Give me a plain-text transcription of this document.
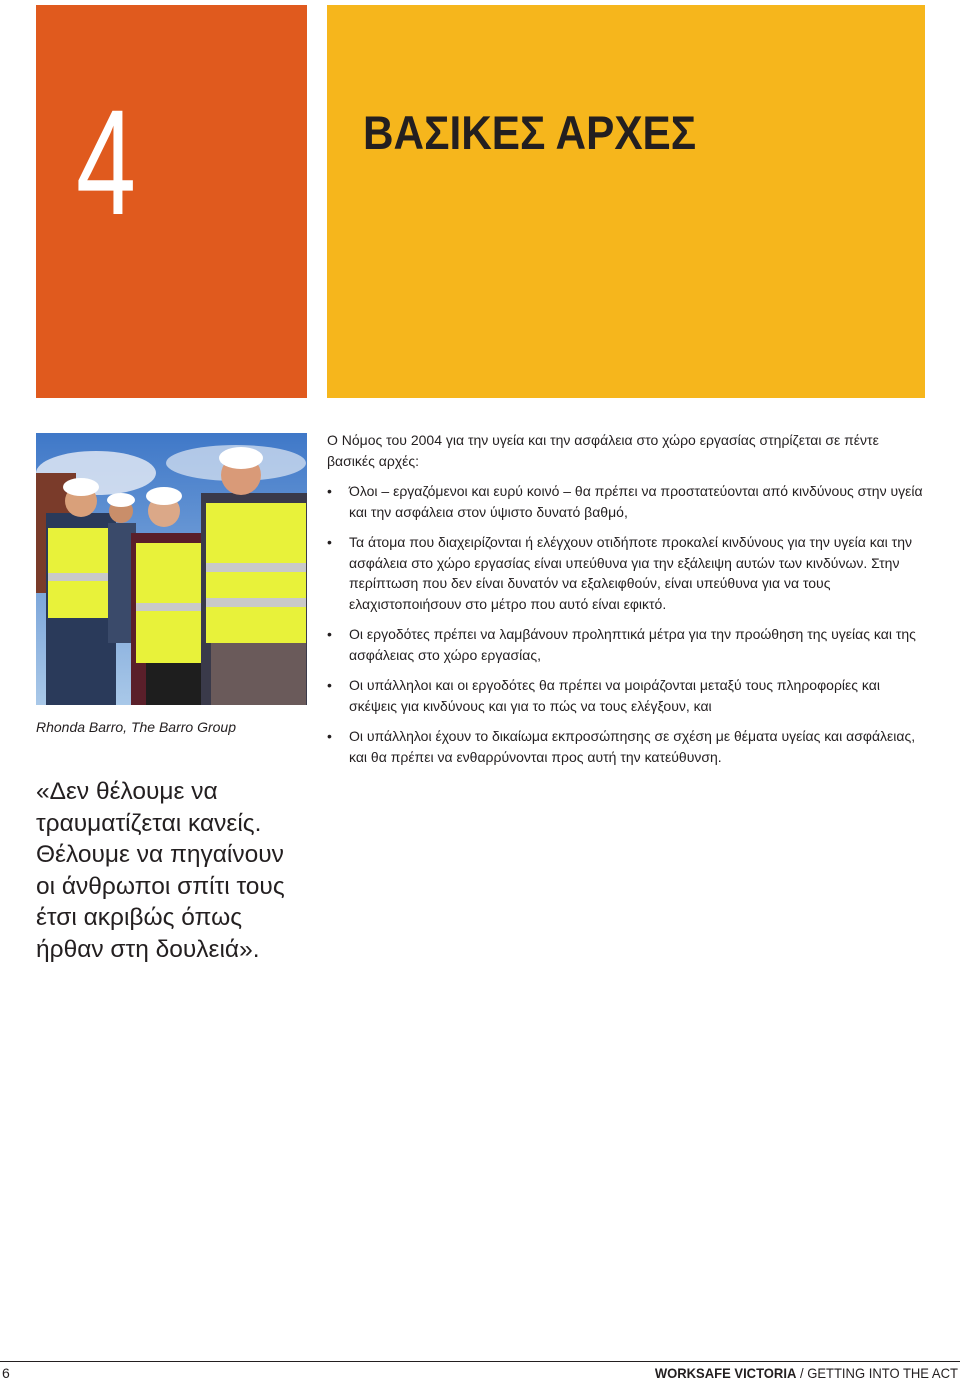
4	ΒΑΣΙΚΕΣ ΑΡΧΕΣ
Rhonda Barro, The Barro Group

«Δεν θέλουμε να τραυματίζεται κανείς. Θέλουμε να πηγαίνουν οι άνθρωποι σπίτι τους έτσι ακριβώς όπως ήρθαν στη δουλειά».

Ο Νόμος του 2004 για την υγεία και την ασφάλεια στο χώρο εργασίας στηρίζεται σε πέντε βασικές αρχές:

• Όλοι – εργαζόμενοι και ευρύ κοινό – θα πρέπει να προστατεύονται από κινδύνους στην υγεία και την ασφάλεια στον ύψιστο δυνατό βαθμό,
• Τα άτομα που διαχειρίζονται ή ελέγχουν οτιδήποτε προκαλεί κινδύνους για την υγεία και την ασφάλεια στο χώρο εργασίας είναι υπεύθυνα για την εξάλειψη αυτών των κινδύνων. Στην περίπτωση που δεν είναι δυνατόν να εξαλειφθούν, είναι υπεύθυνα για να τους ελαχιστοποιήσουν στο μέτρο που αυτό είναι εφικτό.
• Οι εργοδότες πρέπει να λαμβάνουν προληπτικά μέτρα για την προώθηση της υγείας και της ασφάλειας στο χώρο εργασίας,
• Οι υπάλληλοι και οι εργοδότες θα πρέπει να μοιράζονται μεταξύ τους πληροφορίες και σκέψεις για κινδύνους και για το πώς να τους ελέγξουν, και
• Οι υπάλληλοι έχουν το δικαίωμα εκπροσώπησης σε σχέση με θέματα υγείας και ασφάλειας, και θα πρέπει να ενθαρρύνονται προς αυτή την κατεύθυνση.
6	WORKSAFE VICTORIA / GETTING INTO THE ACT
